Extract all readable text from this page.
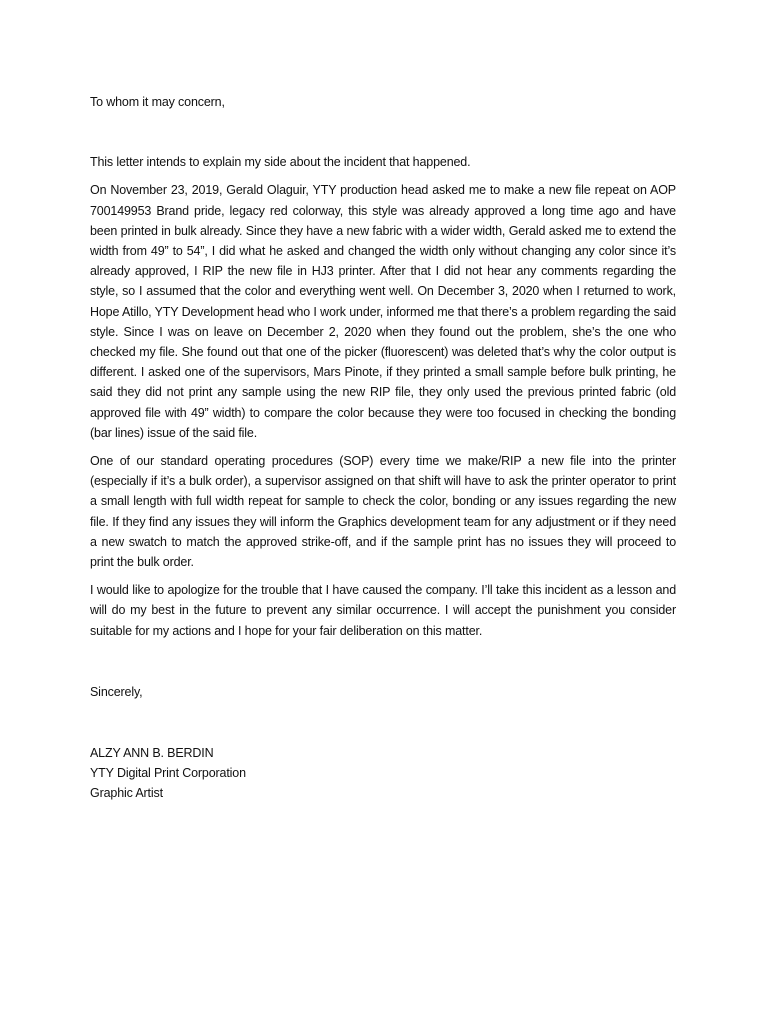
To whom it may concern,

This letter intends to explain my side about the incident that happened.

On November 23, 2019, Gerald Olaguir, YTY production head asked me to make a new file repeat on AOP 700149953 Brand pride, legacy red colorway, this style was already approved a long time ago and have been printed in bulk already. Since they have a new fabric with a wider width, Gerald asked me to extend the width from 49” to 54”, I did what he asked and changed the width only without changing any color since it’s already approved, I RIP the new file in HJ3 printer. After that I did not hear any comments regarding the style, so I assumed that the color and everything went well. On December 3, 2020 when I returned to work, Hope Atillo, YTY Development head who I work under, informed me that there’s a problem regarding the said style. Since I was on leave on December 2, 2020 when they found out the problem, she’s the one who checked my file. She found out that one of the picker (fluorescent) was deleted that’s why the color output is different. I asked one of the supervisors, Mars Pinote, if they printed a small sample before bulk printing, he said they did not print any sample using the new RIP file, they only used the previous printed fabric (old approved file with 49” width) to compare the color because they were too focused in checking the bonding (bar lines) issue of the said file.

One of our standard operating procedures (SOP) every time we make/RIP a new file into the printer (especially if it’s a bulk order), a supervisor assigned on that shift will have to ask the printer operator to print a small length with full width repeat for sample to check the color, bonding or any issues regarding the new file. If they find any issues they will inform the Graphics development team for any adjustment or if they need a new swatch to match the approved strike-off, and if the sample print has no issues they will proceed to print the bulk order.

I would like to apologize for the trouble that I have caused the company. I’ll take this incident as a lesson and will do my best in the future to prevent any similar occurrence. I will accept the punishment you consider suitable for my actions and I hope for your fair deliberation on this matter.

Sincerely,

ALZY ANN B. BERDIN
YTY Digital Print Corporation
Graphic Artist
